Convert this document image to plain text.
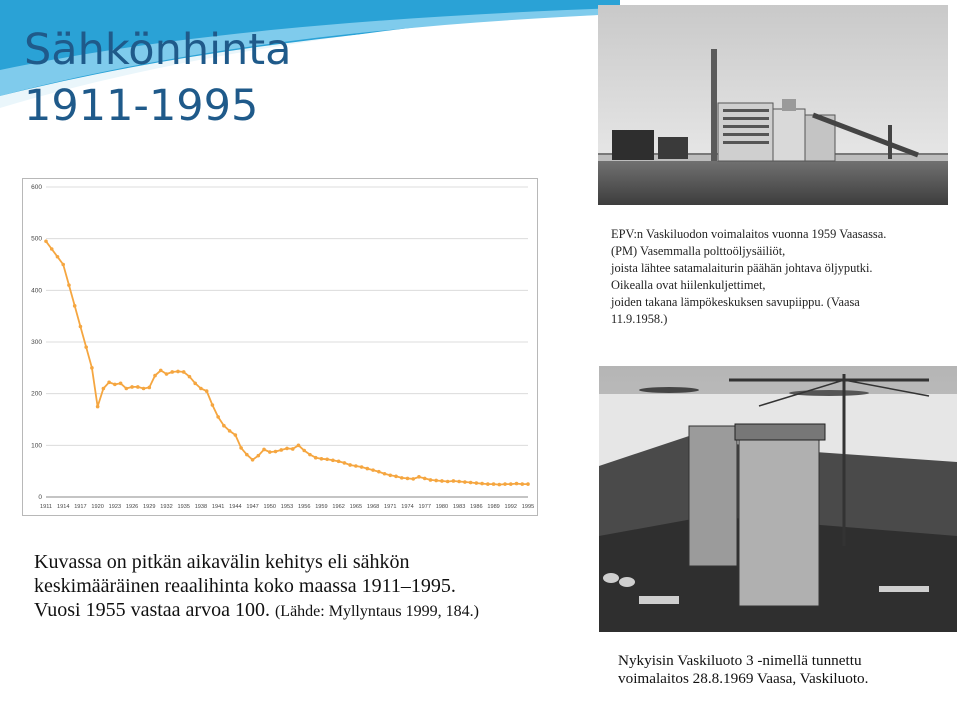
Sähkönhinta
1911-1995
0
100
200
300
400
500
600
1911 1914 1917 1920 1923 1926 1929 1932 1935 1938 1941 1944 1947 1950 1953 1956 1959 1962 1965 1968 1971 1974 1977 1980 1983 1986 1989 1992 1995
EPV:n Vaskiluodon voimalaitos vuonna 1959 Vaasassa.
(PM) Vasemmalla polttoöljysäiliöt,
joista lähtee satamalaiturin päähän johtava öljyputki.
Oikealla ovat hiilenkuljettimet,
joiden takana lämpökeskuksen savupiippu. (Vaasa
11.9.1958.)
Kuvassa on pitkän aikavälin kehitys eli sähkön
keskimääräinen reaalihinta koko maassa 1911–1995.
Vuosi 1955 vastaa arvoa 100. (Lähde: Myllyntaus 1999, 184.)
Nykyisin Vaskiluoto 3 -nimellä tunnettu
voimalaitos 28.8.1969 Vaasa, Vaskiluoto.
